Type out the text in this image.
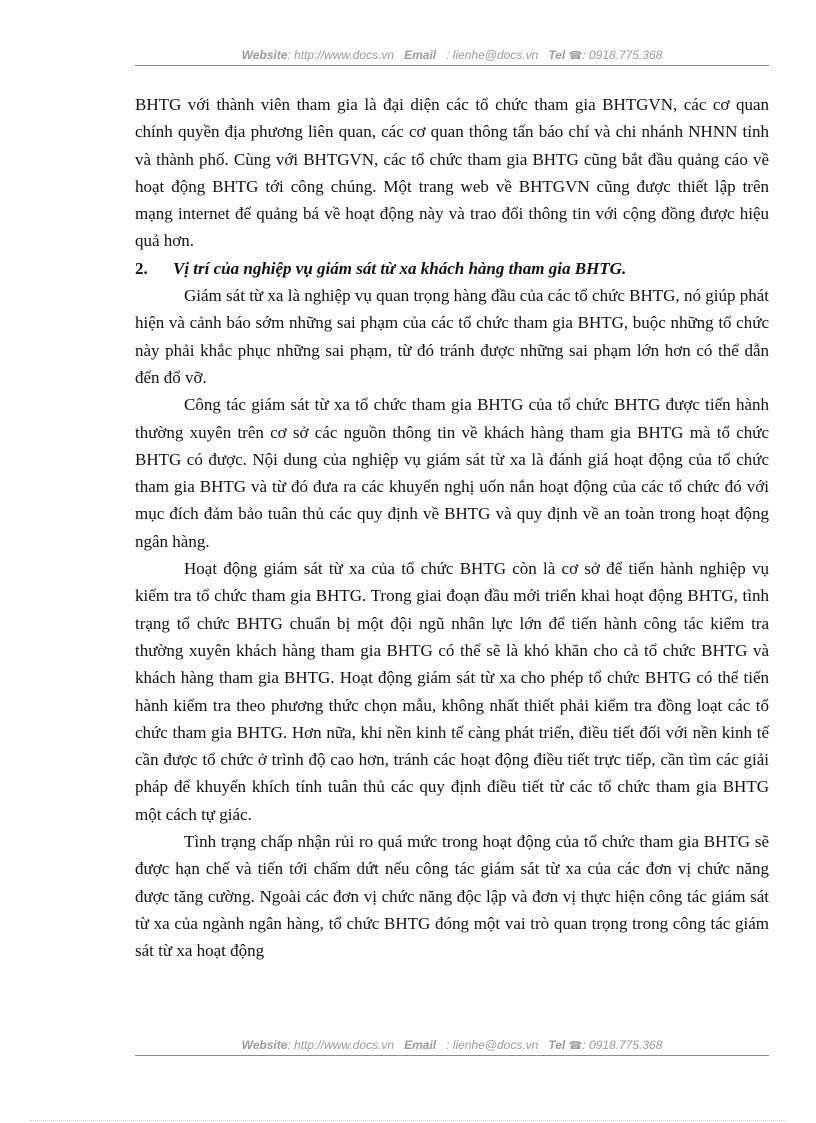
Website: http://www.docs.vn Email : lienhe@docs.vn Tel ☎: 0918.775.368

BHTG với thành viên tham gia là đại diện các tổ chức tham gia BHTGVN, các cơ quan chính quyền địa phương liên quan, các cơ quan thông tấn báo chí và chi nhánh NHNN tỉnh và thành phố. Cùng với BHTGVN, các tổ chức tham gia BHTG cũng bắt đầu quảng cáo về hoạt động BHTG tới công chúng. Một trang web về BHTGVN cũng được thiết lập trên mạng internet để quảng bá về hoạt động này và trao đổi thông tin với cộng đồng được hiệu quả hơn.

2. Vị trí của nghiệp vụ giám sát từ xa khách hàng tham gia BHTG.

Giám sát từ xa là nghiệp vụ quan trọng hàng đầu của các tổ chức BHTG, nó giúp phát hiện và cảnh báo sớm những sai phạm của các tổ chức tham gia BHTG, buộc những tổ chức này phải khắc phục những sai phạm, từ đó tránh được những sai phạm lớn hơn có thể dẫn đến đổ vỡ.

Công tác giám sát từ xa tổ chức tham gia BHTG của tổ chức BHTG được tiến hành thường xuyên trên cơ sở các nguồn thông tin về khách hàng tham gia BHTG mà tổ chức BHTG có được. Nội dung của nghiệp vụ giám sát từ xa là đánh giá hoạt động của tổ chức tham gia BHTG và từ đó đưa ra các khuyến nghị uốn nắn hoạt động của các tổ chức đó với mục đích đảm bảo tuân thủ các quy định về BHTG và quy định về an toàn trong hoạt động ngân hàng.

Hoạt động giám sát từ xa của tổ chức BHTG còn là cơ sở để tiến hành nghiệp vụ kiểm tra tổ chức tham gia BHTG. Trong giai đoạn đầu mới triển khai hoạt động BHTG, tình trạng tổ chức BHTG chuẩn bị một đội ngũ nhân lực lớn để tiến hành công tác kiểm tra thường xuyên khách hàng tham gia BHTG có thể sẽ là khó khăn cho cả tổ chức BHTG và khách hàng tham gia BHTG. Hoạt động giám sát từ xa cho phép tổ chức BHTG có thể tiến hành kiểm tra theo phương thức chọn mẫu, không nhất thiết phải kiểm tra đồng loạt các tổ chức tham gia BHTG. Hơn nữa, khi nền kinh tế càng phát triển, điều tiết đối với nền kinh tế cần được tổ chức ở trình độ cao hơn, tránh các hoạt động điều tiết trực tiếp, cần tìm các giải pháp để khuyến khích tính tuân thủ các quy định điều tiết từ các tổ chức tham gia BHTG một cách tự giác.

Tình trạng chấp nhận rủi ro quá mức trong hoạt động của tổ chức tham gia BHTG sẽ được hạn chế và tiến tới chấm dứt nếu công tác giám sát từ xa của các đơn vị chức năng được tăng cường. Ngoài các đơn vị chức năng độc lập và đơn vị thực hiện công tác giám sát từ xa của ngành ngân hàng, tổ chức BHTG đóng một vai trò quan trọng trong công tác giám sát từ xa hoạt động

Website: http://www.docs.vn Email : lienhe@docs.vn Tel ☎: 0918.775.368
